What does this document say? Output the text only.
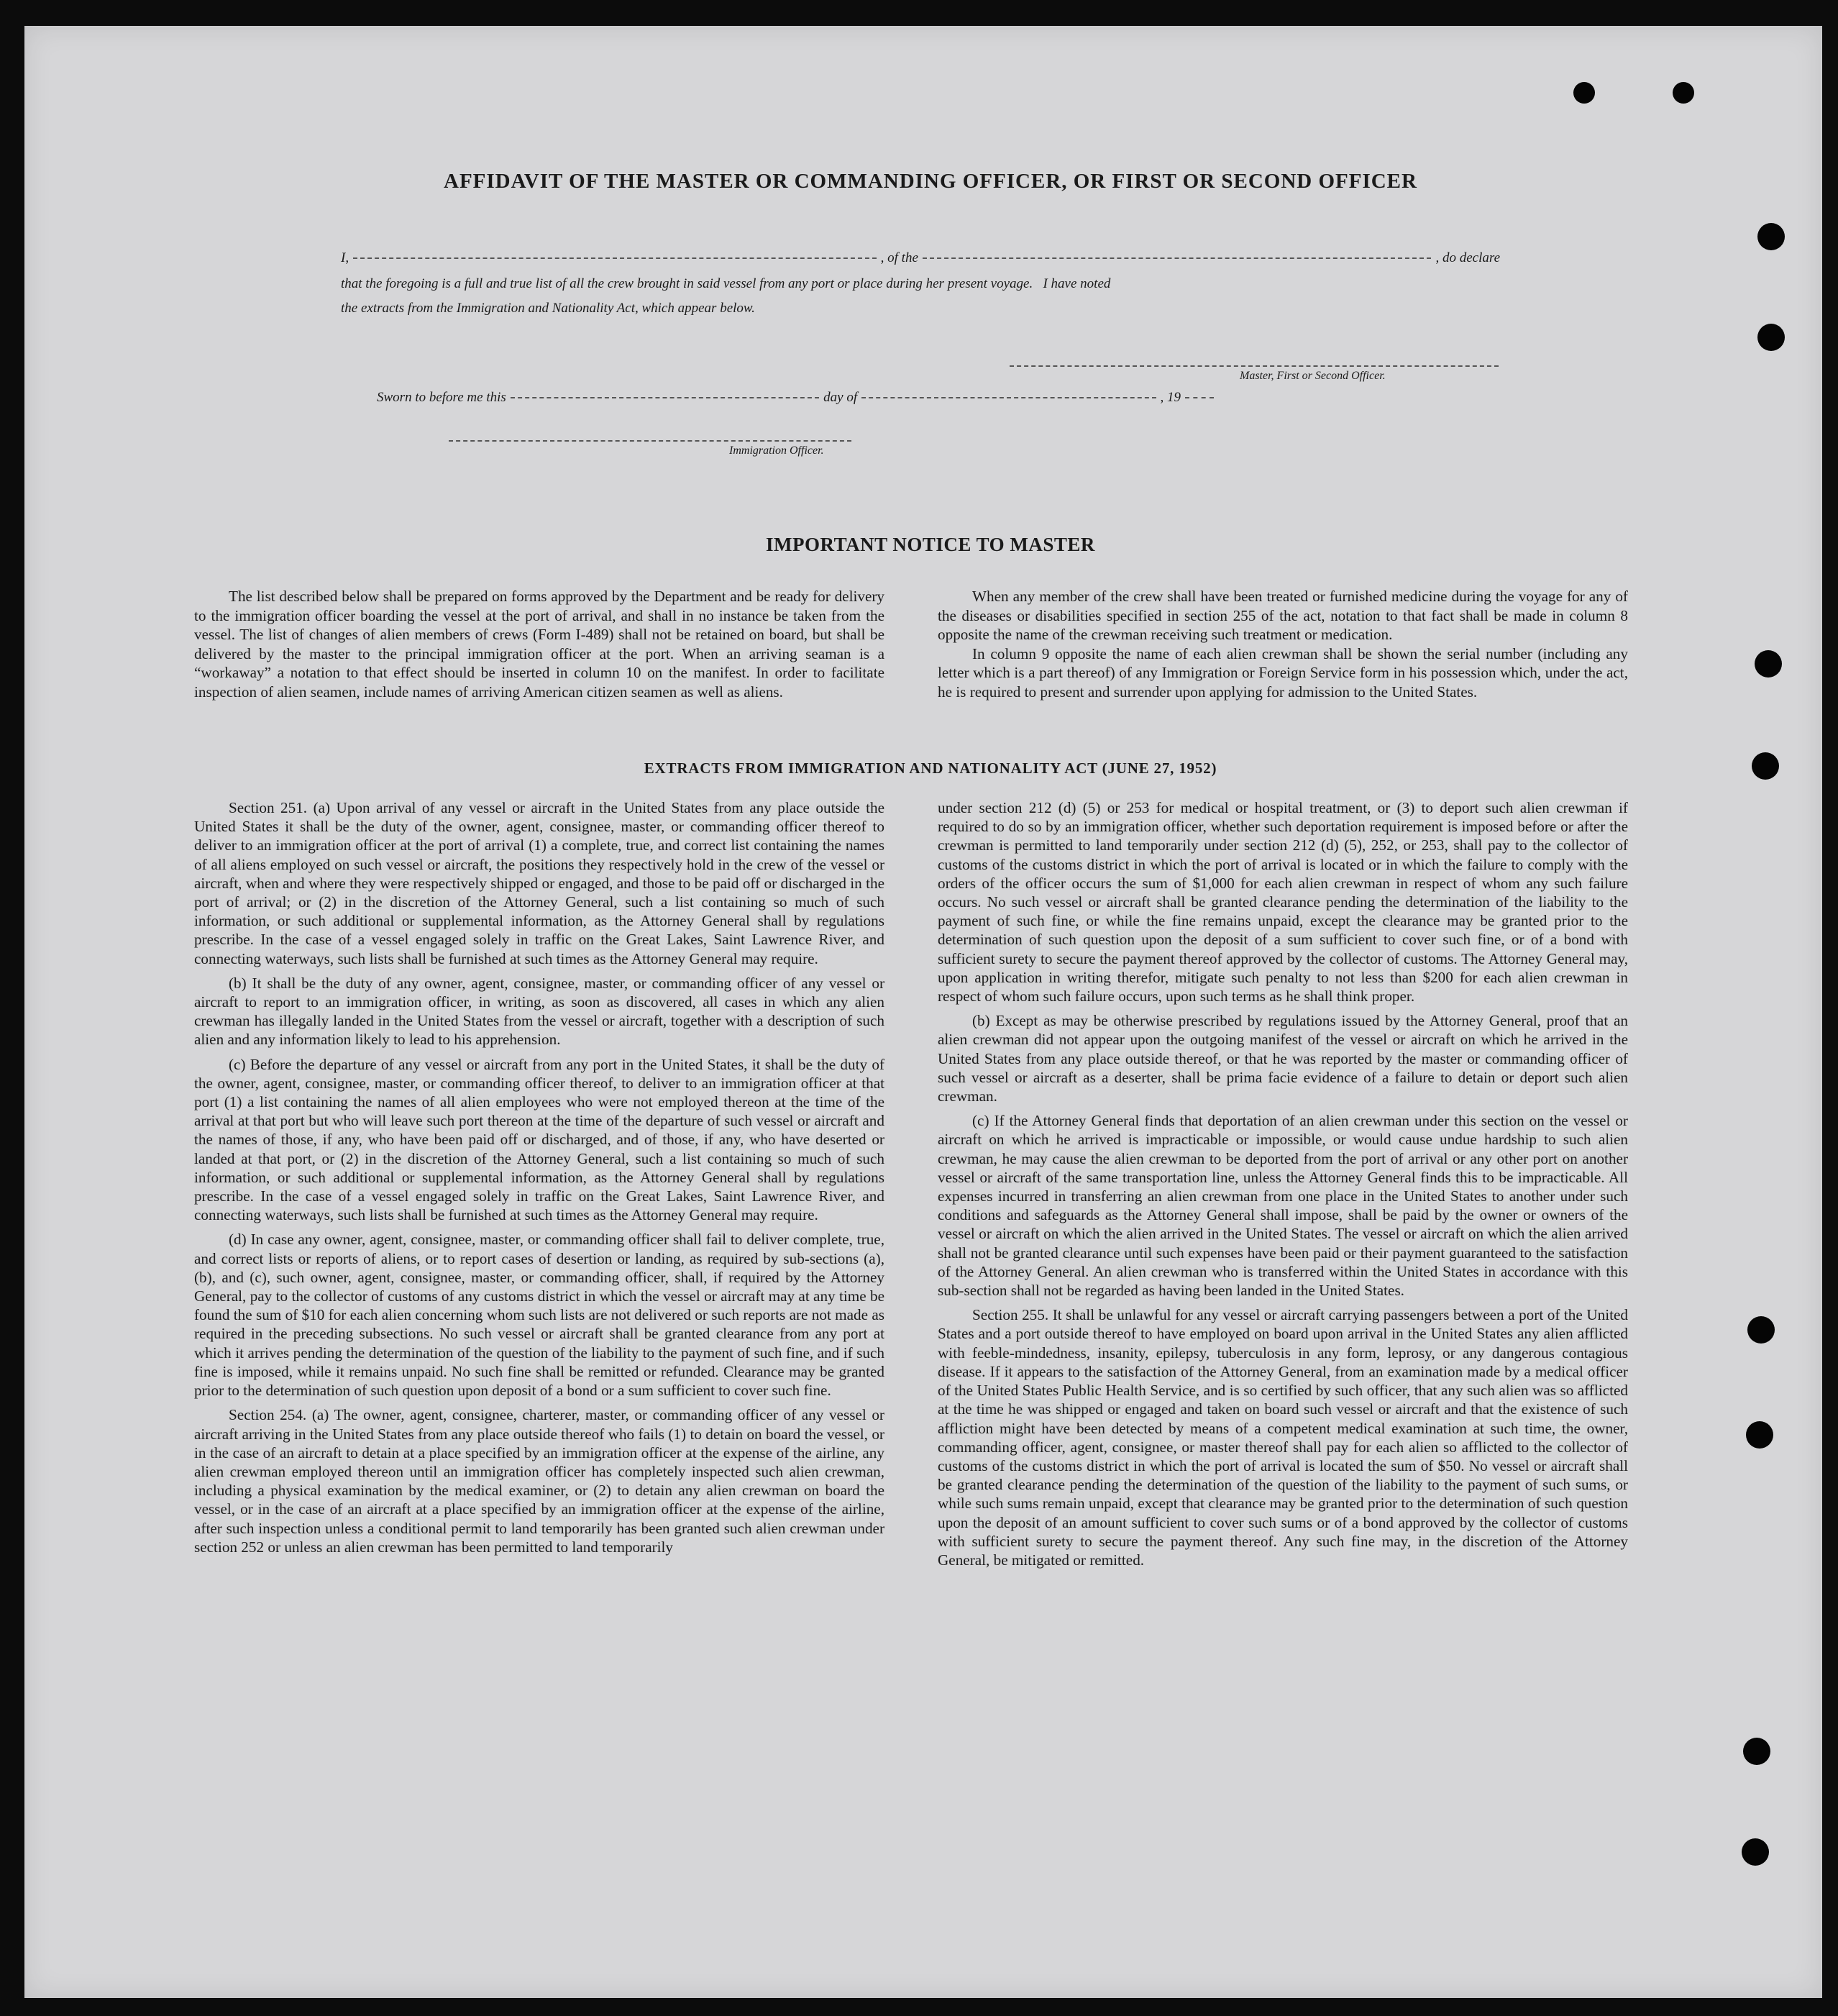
AFFIDAVIT OF THE MASTER OR COMMANDING OFFICER, OR FIRST OR SECOND OFFICER
I,	, of the	, do declare
that the foregoing is a full and true list of all the crew brought in said vessel from any port or place during her present voyage.   I have noted
the extracts from the Immigration and Nationality Act, which appear below.
Master, First or Second Officer.
Sworn to before me this	day of	, 19
Immigration Officer.
IMPORTANT NOTICE TO MASTER

The list described below shall be prepared on forms approved by the Department and be ready for delivery to the immigration officer boarding the vessel at the port of arrival, and shall in no instance be taken from the vessel. The list of changes of alien members of crews (Form I-489) shall not be retained on board, but shall be delivered by the master to the principal immigration officer at the port. When an arriving seaman is a “workaway” a notation to that effect should be inserted in column 10 on the manifest. In order to facilitate inspection of alien seamen, include names of arriving American citizen seamen as well as aliens.

When any member of the crew shall have been treated or furnished medicine during the voyage for any of the diseases or disabilities specified in section 255 of the act, notation to that fact shall be made in column 8 opposite the name of the crewman receiving such treatment or medication.

In column 9 opposite the name of each alien crewman shall be shown the serial number (including any letter which is a part thereof) of any Immigration or Foreign Service form in his possession which, under the act, he is required to present and surrender upon applying for admission to the United States.

EXTRACTS FROM IMMIGRATION AND NATIONALITY ACT (JUNE 27, 1952)

Section 251. (a) Upon arrival of any vessel or aircraft in the United States from any place outside the United States it shall be the duty of the owner, agent, consignee, master, or commanding officer thereof to deliver to an immigration officer at the port of arrival (1) a complete, true, and correct list containing the names of all aliens employed on such vessel or aircraft, the positions they respectively hold in the crew of the vessel or aircraft, when and where they were respectively shipped or engaged, and those to be paid off or discharged in the port of arrival; or (2) in the discretion of the Attorney General, such a list containing so much of such information, or such additional or supplemental information, as the Attorney General shall by regulations prescribe. In the case of a vessel engaged solely in traffic on the Great Lakes, Saint Lawrence River, and connecting waterways, such lists shall be furnished at such times as the Attorney General may require.

(b) It shall be the duty of any owner, agent, consignee, master, or commanding officer of any vessel or aircraft to report to an immigration officer, in writing, as soon as discovered, all cases in which any alien crewman has illegally landed in the United States from the vessel or aircraft, together with a description of such alien and any information likely to lead to his apprehension.

(c) Before the departure of any vessel or aircraft from any port in the United States, it shall be the duty of the owner, agent, consignee, master, or commanding officer thereof, to deliver to an immigration officer at that port (1) a list containing the names of all alien employees who were not employed thereon at the time of the arrival at that port but who will leave such port thereon at the time of the departure of such vessel or aircraft and the names of those, if any, who have been paid off or discharged, and of those, if any, who have deserted or landed at that port, or (2) in the discretion of the Attorney General, such a list containing so much of such information, or such additional or supplemental information, as the Attorney General shall by regulations prescribe. In the case of a vessel engaged solely in traffic on the Great Lakes, Saint Lawrence River, and connecting waterways, such lists shall be furnished at such times as the Attorney General may require.

(d) In case any owner, agent, consignee, master, or commanding officer shall fail to deliver complete, true, and correct lists or reports of aliens, or to report cases of desertion or landing, as required by sub-sections (a), (b), and (c), such owner, agent, consignee, master, or commanding officer, shall, if required by the Attorney General, pay to the collector of customs of any customs district in which the vessel or aircraft may at any time be found the sum of $10 for each alien concerning whom such lists are not delivered or such reports are not made as required in the preceding subsections. No such vessel or aircraft shall be granted clearance from any port at which it arrives pending the determination of the question of the liability to the payment of such fine, and if such fine is imposed, while it remains unpaid. No such fine shall be remitted or refunded. Clearance may be granted prior to the determination of such question upon deposit of a bond or a sum sufficient to cover such fine.

Section 254. (a) The owner, agent, consignee, charterer, master, or commanding officer of any vessel or aircraft arriving in the United States from any place outside thereof who fails (1) to detain on board the vessel, or in the case of an aircraft to detain at a place specified by an immigration officer at the expense of the airline, any alien crewman employed thereon until an immigration officer has completely inspected such alien crewman, including a physical examination by the medical examiner, or (2) to detain any alien crewman on board the vessel, or in the case of an aircraft at a place specified by an immigration officer at the expense of the airline, after such inspection unless a conditional permit to land temporarily has been granted such alien crewman under section 252 or unless an alien crewman has been permitted to land temporarily

under section 212 (d) (5) or 253 for medical or hospital treatment, or (3) to deport such alien crewman if required to do so by an immigration officer, whether such deportation requirement is imposed before or after the crewman is permitted to land temporarily under section 212 (d) (5), 252, or 253, shall pay to the collector of customs of the customs district in which the port of arrival is located or in which the failure to comply with the orders of the officer occurs the sum of $1,000 for each alien crewman in respect of whom any such failure occurs. No such vessel or aircraft shall be granted clearance pending the determination of the liability to the payment of such fine, or while the fine remains unpaid, except the clearance may be granted prior to the determination of such question upon the deposit of a sum sufficient to cover such fine, or of a bond with sufficient surety to secure the payment thereof approved by the collector of customs. The Attorney General may, upon application in writing therefor, mitigate such penalty to not less than $200 for each alien crewman in respect of whom such failure occurs, upon such terms as he shall think proper.

(b) Except as may be otherwise prescribed by regulations issued by the Attorney General, proof that an alien crewman did not appear upon the outgoing manifest of the vessel or aircraft on which he arrived in the United States from any place outside thereof, or that he was reported by the master or commanding officer of such vessel or aircraft as a deserter, shall be prima facie evidence of a failure to detain or deport such alien crewman.

(c) If the Attorney General finds that deportation of an alien crewman under this section on the vessel or aircraft on which he arrived is impracticable or impossible, or would cause undue hardship to such alien crewman, he may cause the alien crewman to be deported from the port of arrival or any other port on another vessel or aircraft of the same transportation line, unless the Attorney General finds this to be impracticable. All expenses incurred in transferring an alien crewman from one place in the United States to another under such conditions and safeguards as the Attorney General shall impose, shall be paid by the owner or owners of the vessel or aircraft on which the alien arrived in the United States. The vessel or aircraft on which the alien arrived shall not be granted clearance until such expenses have been paid or their payment guaranteed to the satisfaction of the Attorney General. An alien crewman who is transferred within the United States in accordance with this sub-section shall not be regarded as having been landed in the United States.

Section 255. It shall be unlawful for any vessel or aircraft carrying passengers between a port of the United States and a port outside thereof to have employed on board upon arrival in the United States any alien afflicted with feeble-mindedness, insanity, epilepsy, tuberculosis in any form, leprosy, or any dangerous contagious disease. If it appears to the satisfaction of the Attorney General, from an examination made by a medical officer of the United States Public Health Service, and is so certified by such officer, that any such alien was so afflicted at the time he was shipped or engaged and taken on board such vessel or aircraft and that the existence of such affliction might have been detected by means of a competent medical examination at such time, the owner, commanding officer, agent, consignee, or master thereof shall pay for each alien so afflicted to the collector of customs of the customs district in which the port of arrival is located the sum of $50. No vessel or aircraft shall be granted clearance pending the determination of the question of the liability to the payment of such sums, or while such sums remain unpaid, except that clearance may be granted prior to the determination of such question upon the deposit of an amount sufficient to cover such sums or of a bond approved by the collector of customs with sufficient surety to secure the payment thereof. Any such fine may, in the discretion of the Attorney General, be mitigated or remitted.
